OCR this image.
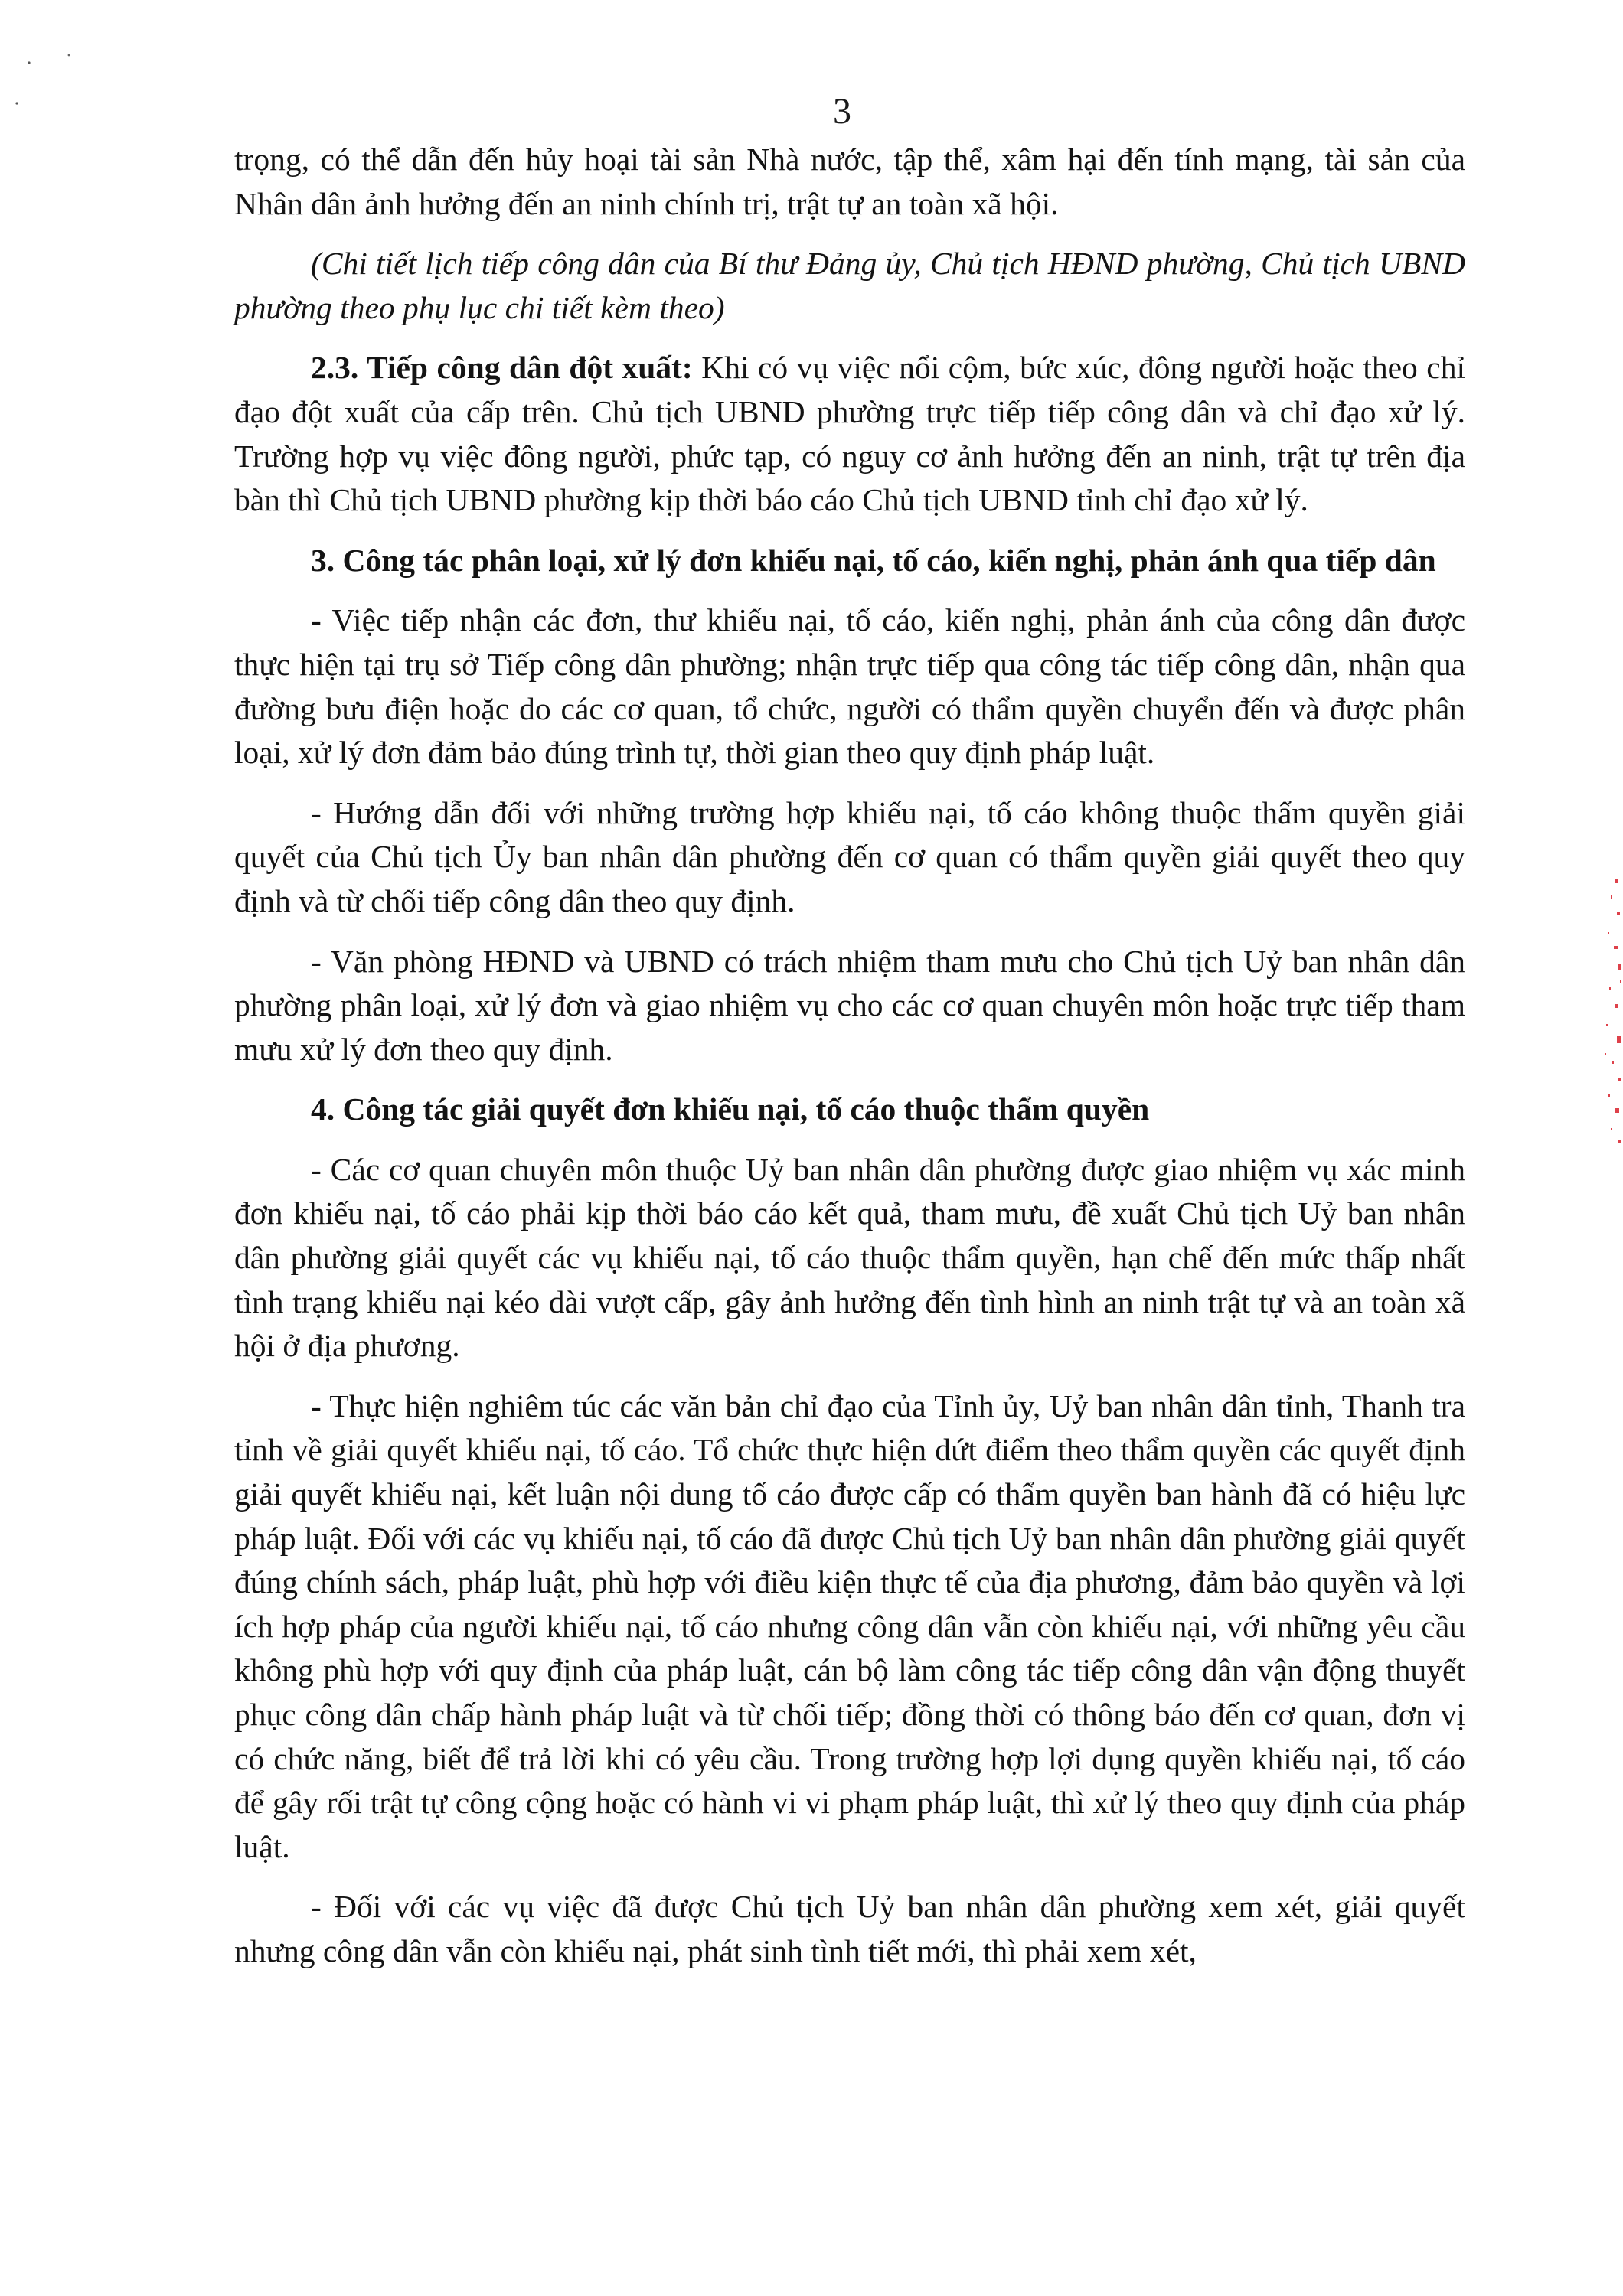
3

trọng, có thể dẫn đến hủy hoại tài sản Nhà nước, tập thể, xâm hại đến tính mạng, tài sản của Nhân dân ảnh hưởng đến an ninh chính trị, trật tự an toàn xã hội.

(Chi tiết lịch tiếp công dân của Bí thư Đảng ủy, Chủ tịch HĐND phường, Chủ tịch UBND phường theo phụ lục chi tiết kèm theo)

2.3. Tiếp công dân đột xuất: Khi có vụ việc nổi cộm, bức xúc, đông người hoặc theo chỉ đạo đột xuất của cấp trên. Chủ tịch UBND phường trực tiếp tiếp công dân và chỉ đạo xử lý. Trường hợp vụ việc đông người, phức tạp, có nguy cơ ảnh hưởng đến an ninh, trật tự trên địa bàn thì Chủ tịch UBND phường kịp thời báo cáo Chủ tịch UBND tỉnh chỉ đạo xử lý.

3. Công tác phân loại, xử lý đơn khiếu nại, tố cáo, kiến nghị, phản ánh qua tiếp dân

- Việc tiếp nhận các đơn, thư khiếu nại, tố cáo, kiến nghị, phản ánh của công dân được thực hiện tại trụ sở Tiếp công dân phường; nhận trực tiếp qua công tác tiếp công dân, nhận qua đường bưu điện hoặc do các cơ quan, tổ chức, người có thẩm quyền chuyển đến và được phân loại, xử lý đơn đảm bảo đúng trình tự, thời gian theo quy định pháp luật.

- Hướng dẫn đối với những trường hợp khiếu nại, tố cáo không thuộc thẩm quyền giải quyết của Chủ tịch Ủy ban nhân dân phường đến cơ quan có thẩm quyền giải quyết theo quy định và từ chối tiếp công dân theo quy định.

- Văn phòng HĐND và UBND có trách nhiệm tham mưu cho Chủ tịch Uỷ ban nhân dân phường phân loại, xử lý đơn và giao nhiệm vụ cho các cơ quan chuyên môn hoặc trực tiếp tham mưu xử lý đơn theo quy định.

4. Công tác giải quyết đơn khiếu nại, tố cáo thuộc thẩm quyền

- Các cơ quan chuyên môn thuộc Uỷ ban nhân dân phường được giao nhiệm vụ xác minh đơn khiếu nại, tố cáo phải kịp thời báo cáo kết quả, tham mưu, đề xuất Chủ tịch Uỷ ban nhân dân phường giải quyết các vụ khiếu nại, tố cáo thuộc thẩm quyền, hạn chế đến mức thấp nhất tình trạng khiếu nại kéo dài vượt cấp, gây ảnh hưởng đến tình hình an ninh trật tự và an toàn xã hội ở địa phương.

- Thực hiện nghiêm túc các văn bản chỉ đạo của Tỉnh ủy, Uỷ ban nhân dân tỉnh, Thanh tra tỉnh về giải quyết khiếu nại, tố cáo. Tổ chức thực hiện dứt điểm theo thẩm quyền các quyết định giải quyết khiếu nại, kết luận nội dung tố cáo được cấp có thẩm quyền ban hành đã có hiệu lực pháp luật. Đối với các vụ khiếu nại, tố cáo đã được Chủ tịch Uỷ ban nhân dân phường giải quyết đúng chính sách, pháp luật, phù hợp với điều kiện thực tế của địa phương, đảm bảo quyền và lợi ích hợp pháp của người khiếu nại, tố cáo nhưng công dân vẫn còn khiếu nại, với những yêu cầu không phù hợp với quy định của pháp luật, cán bộ làm công tác tiếp công dân vận động thuyết phục công dân chấp hành pháp luật và từ chối tiếp; đồng thời có thông báo đến cơ quan, đơn vị có chức năng, biết để trả lời khi có yêu cầu. Trong trường hợp lợi dụng quyền khiếu nại, tố cáo để gây rối trật tự công cộng hoặc có hành vi vi phạm pháp luật, thì xử lý theo quy định của pháp luật.

- Đối với các vụ việc đã được Chủ tịch Uỷ ban nhân dân phường xem xét, giải quyết nhưng công dân vẫn còn khiếu nại, phát sinh tình tiết mới, thì phải xem xét,
